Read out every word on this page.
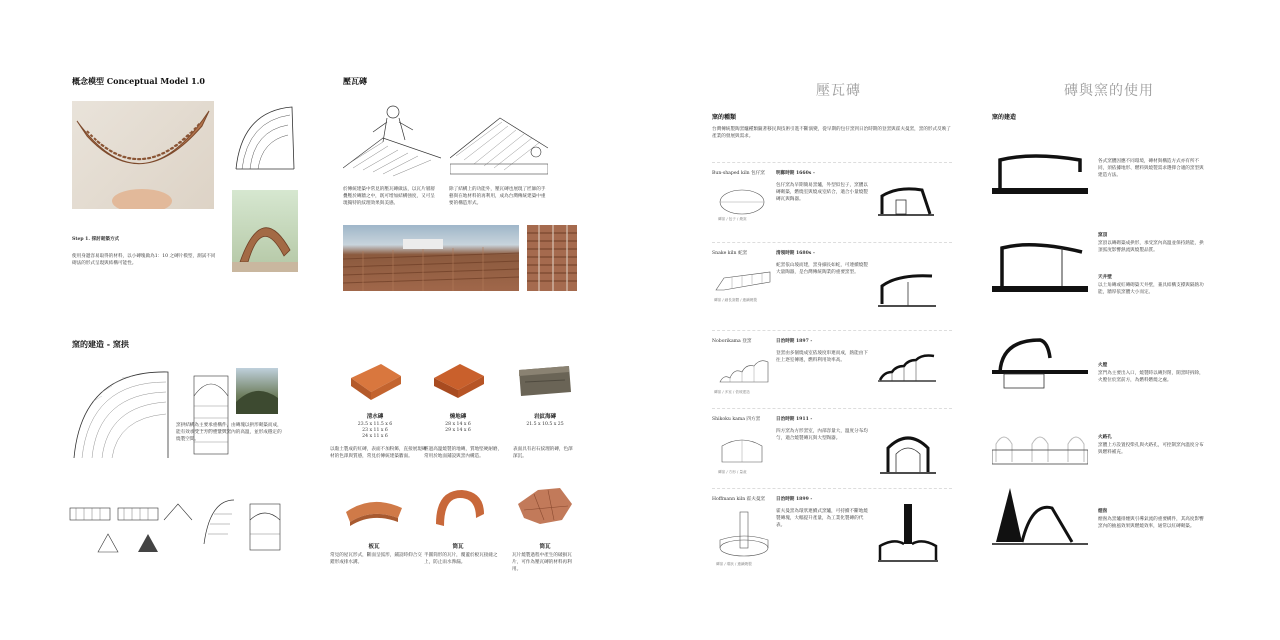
概念模型 Conceptual Model 1.0
Step 1. 探討砌築方式
使用身邊容易取得的材料，以小磚塊做為1：10 之磚片模型，測試不同砌法的形式呈現與結構可能性。
壓瓦磚
於傳統建築中常見的壓瓦磚做法，以瓦片層層疊壓於磚牆之中，既可增加結構強度，又可呈現獨特的紋理效果與美感。
除了結構上的功能外，壓瓦磚也展現了匠師的手藝與在地材料的再利用，成為台灣傳統建築中重要的構造形式。
窯的建造 - 窯拱
窯拱結構為主要承重構件，由磚塊以拱形砌築而成，能有效承受上方的重量與窯內的高溫，並形成穩定的燒製空間。
清水磚
23.5 x 11.5 x 6
23 x 11 x 6
24 x 11 x 6
以黏土製成的紅磚，表面不加粉飾，直接展現磚材的色澤與質感，常見於傳統建築牆面。
燒地磚
28 x 14 x 6
29 x 14 x 6
經過高溫燒製的地磚，質地堅硬耐磨，常用於地面鋪設與窯內構造。
岩紋海磚
21.5 x 10.5 x 25
表面具有岩石紋理的磚，色澤深沉。
板瓦
常見的屋瓦形式，斷面呈弧形，鋪設時仰合交錯形成排水溝。
筒瓦
半圓筒形的瓦片，覆蓋於板瓦接縫之上，防止雨水滲漏。
筒瓦
瓦片燒製過程中產生的破損瓦片，可作為壓瓦磚的材料再利用。
壓瓦磚	磚與窯的使用
窯的種類
台灣傳統製陶窯爐種類隨著移民與技術引進不斷演變，從早期的包仔窯到日治時期的登窯與霍夫曼窯，窯的形式反映了產業的發展與需求。
Bun-shaped kiln 包仔窯
磚窯 / 包子 / 燒窯
明鄭時期 1660s -
包仔窯為早期簡易窯爐，外型似包子，窯體以磚砌築，燃燒室與燒成室結合，適合小量燒製磚瓦與陶器。
Snake kiln 蛇窯
磚窯 / 細長窯體 / 連續燒製
清領時期 1680s -
蛇窯依山坡而建，窯身細長如蛇，可連續燒製大量陶器，是台灣傳統陶業的重要窯型。
Noborikama 登窯
磚窯 / 多室 / 依坡建造
日治時期 1897 -
登窯由多個燒成室依坡度串連而成，熱能由下往上逐室傳遞，燃料利用效率高。
Shikoku kama 四方窯
磚窯 / 方形 / 量產
日治時期 1911 -
四方窯為方形窯室，內部容量大，溫度分布均勻，適合燒製磚瓦與大型陶器。
Hoffmann kiln 霍夫曼窯
磚窯 / 環狀 / 連續燒製
日治時期 1899 -
霍夫曼窯為環狀連續式窯爐，可持續不斷地燒製磚塊，大幅提升產量，為工業化製磚的代表。
窯的建造
各式窯體因應不同環境，磚材與構造方式亦有所不同，須依據地形、燃料與燒製需求選擇合適的窯型與建造方法。
窯頂
窯頂以磚砌築成拱形，承受窯內高溫並保持熱能，拱頂弧度影響熱流與燒製品質。
天井壁
以土角磚或紅磚砌築天井壁，兼具結構支撐與隔熱功能，牆厚依窯體大小而定。
火膛
窯門為主要出入口，燒製時以磚封閉，開窯時拆除，火膛位於窯前方，為燃料燃燒之處。
火路孔
窯體上方設置投柴孔與火路孔，可控制窯內溫度分布與燃料補充。
煙囪
煙囪為窯爐排煙與引導氣流的重要構件，其高度影響窯內的抽風效果與燃燒效率，通常以紅磚砌築。
